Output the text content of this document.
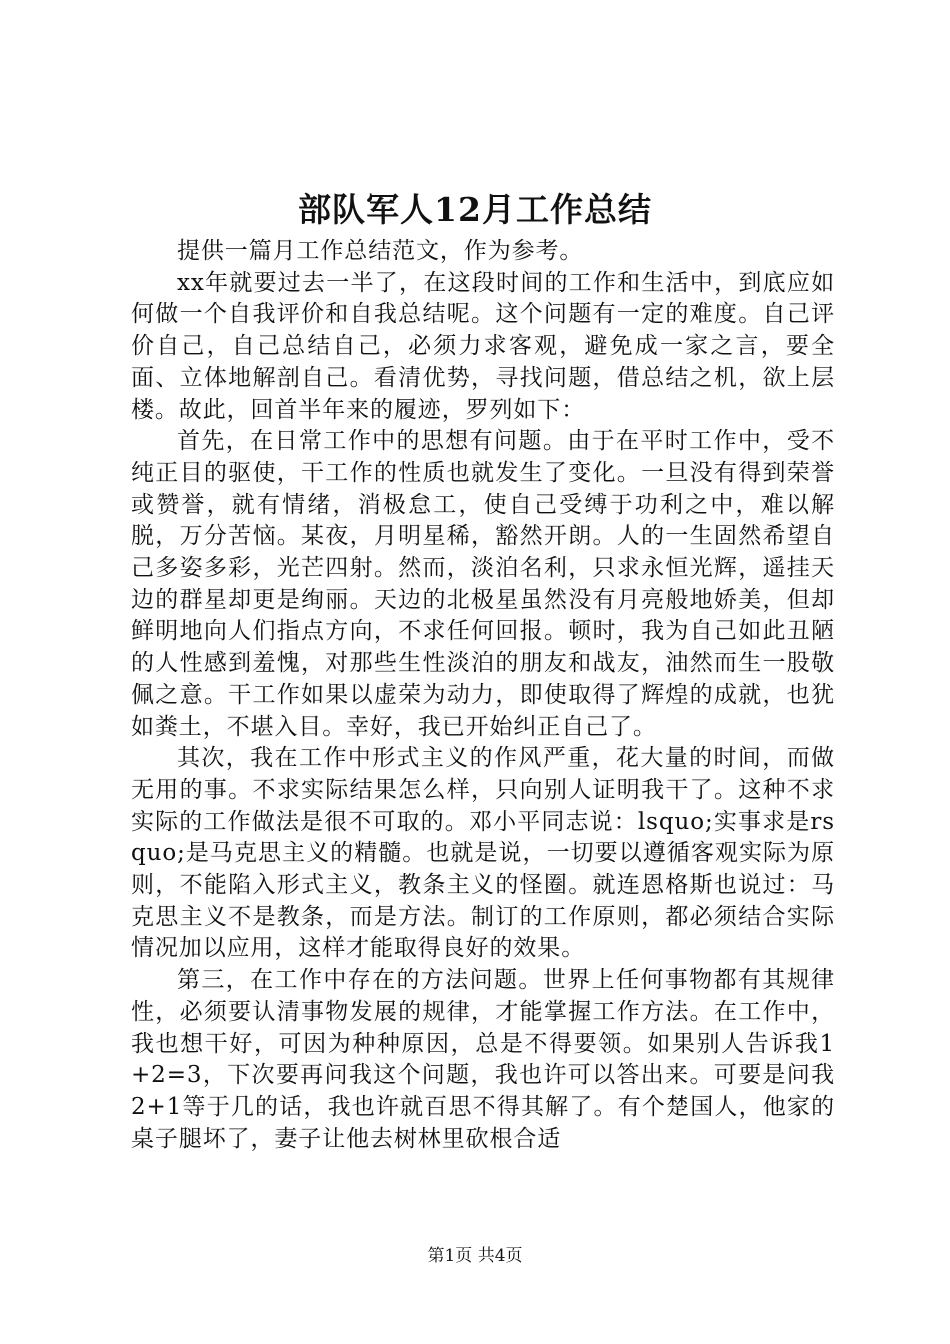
部队军人12月工作总结

提供一篇月工作总结范文，作为参考。

xx年就要过去一半了，在这段时间的工作和生活中，到底应如何做一个自我评价和自我总结呢。这个问题有一定的难度。自己评价自己，自己总结自己，必须力求客观，避免成一家之言，要全面、立体地解剖自己。看清优势，寻找问题，借总结之机，欲上层楼。故此，回首半年来的履迹，罗列如下：

首先，在日常工作中的思想有问题。由于在平时工作中，受不纯正目的驱使，干工作的性质也就发生了变化。一旦没有得到荣誉或赞誉，就有情绪，消极怠工，使自己受缚于功利之中，难以解脱，万分苦恼。某夜，月明星稀，豁然开朗。人的一生固然希望自己多姿多彩，光芒四射。然而，淡泊名利，只求永恒光辉，遥挂天边的群星却更是绚丽。天边的北极星虽然没有月亮般地娇美，但却鲜明地向人们指点方向，不求任何回报。顿时，我为自己如此丑陋的人性感到羞愧，对那些生性淡泊的朋友和战友，油然而生一股敬佩之意。干工作如果以虚荣为动力，即使取得了辉煌的成就，也犹如粪土，不堪入目。幸好，我已开始纠正自己了。

其次，我在工作中形式主义的作风严重，花大量的时间，而做无用的事。不求实际结果怎么样，只向别人证明我干了。这种不求实际的工作做法是很不可取的。邓小平同志说：lsquo;实事求是rsquo;是马克思主义的精髓。也就是说，一切要以遵循客观实际为原则，不能陷入形式主义，教条主义的怪圈。就连恩格斯也说过：马克思主义不是教条，而是方法。制订的工作原则，都必须结合实际情况加以应用，这样才能取得良好的效果。

第三，在工作中存在的方法问题。世界上任何事物都有其规律性，必须要认清事物发展的规律，才能掌握工作方法。在工作中，我也想干好，可因为种种原因，总是不得要领。如果别人告诉我1+2=3，下次要再问我这个问题，我也许可以答出来。可要是问我2+1等于几的话，我也许就百思不得其解了。有个楚国人，他家的桌子腿坏了，妻子让他去树林里砍根合适

第1页 共4页
